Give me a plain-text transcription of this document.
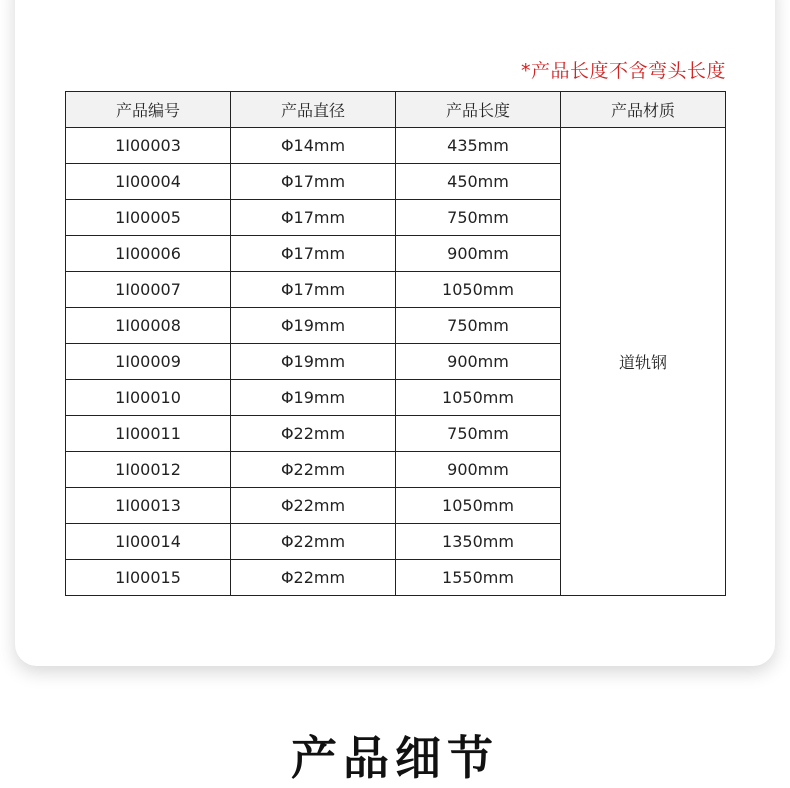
*产品长度不含弯头长度
产品编号	产品直径	产品长度	产品材质
1I00003	Φ14mm	435mm	道轨钢
1I00004	Φ17mm	450mm	
1I00005	Φ17mm	750mm	
1I00006	Φ17mm	900mm	
1I00007	Φ17mm	1050mm	
1I00008	Φ19mm	750mm	
1I00009	Φ19mm	900mm	
1I00010	Φ19mm	1050mm	
1I00011	Φ22mm	750mm	
1I00012	Φ22mm	900mm	
1I00013	Φ22mm	1050mm	
1I00014	Φ22mm	1350mm	
1I00015	Φ22mm	1550mm	
产品细节
